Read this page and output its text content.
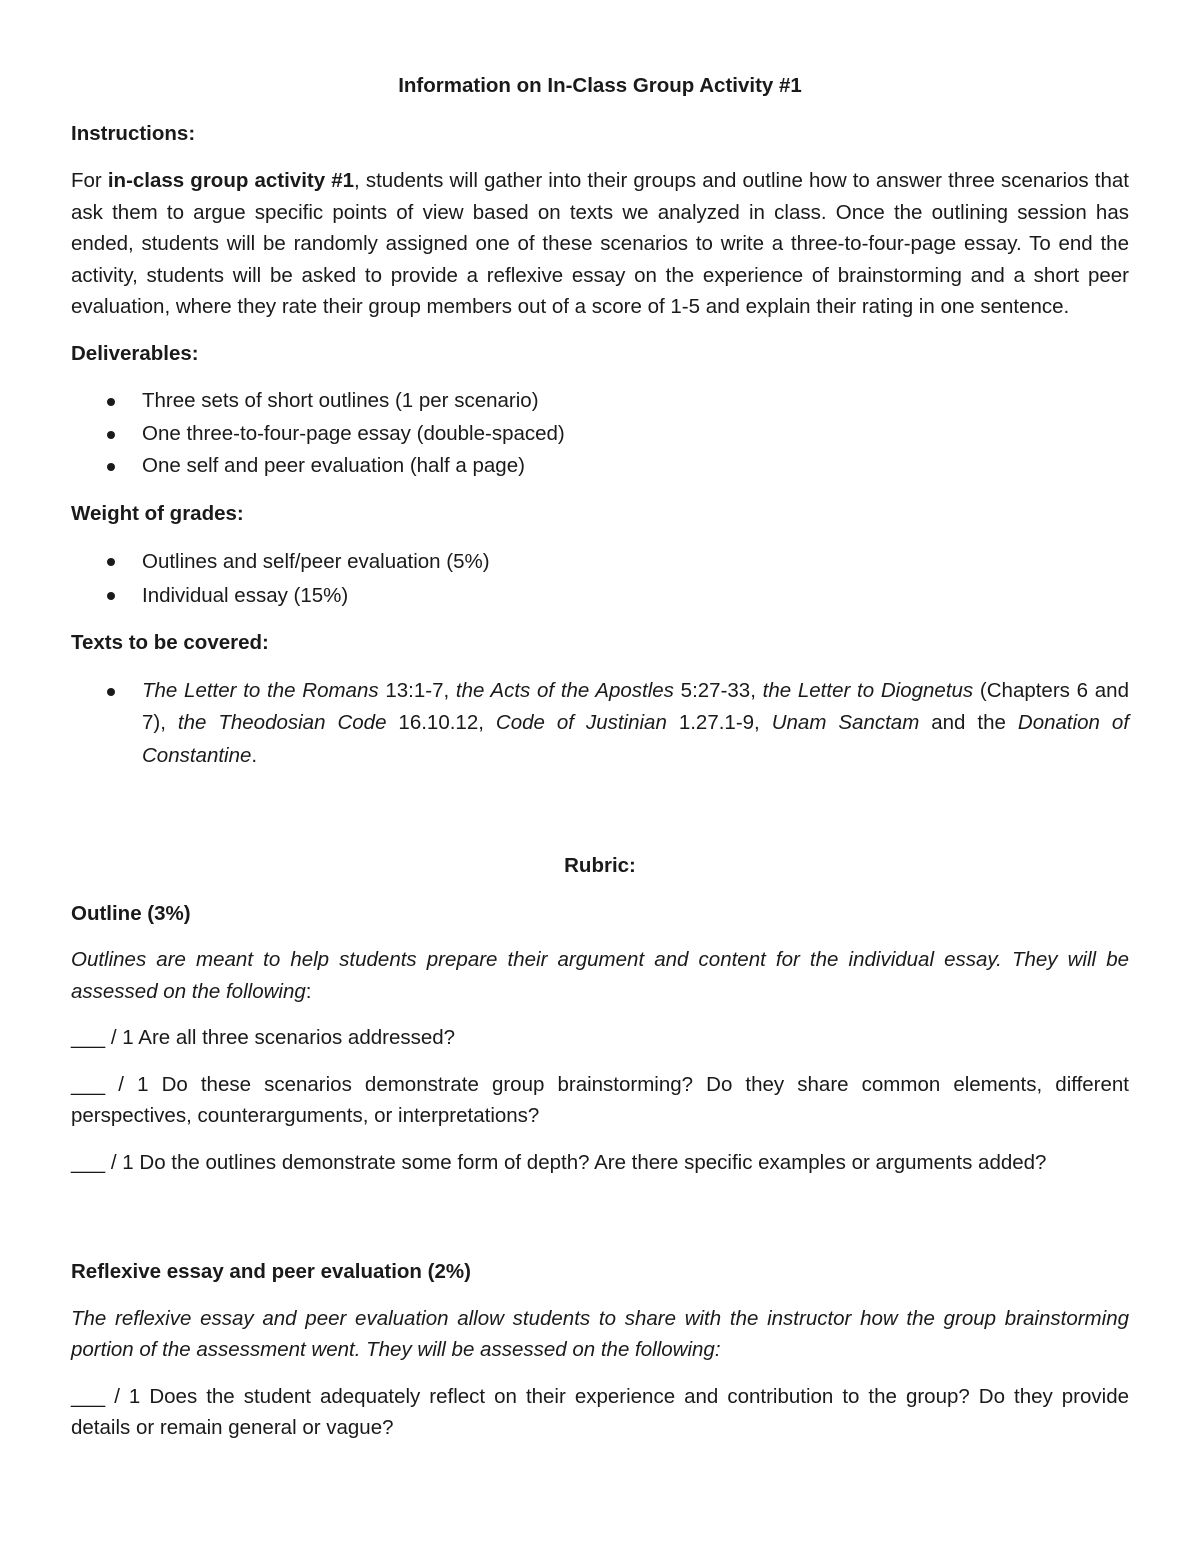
Information on In-Class Group Activity #1

Instructions:

For in-class group activity #1, students will gather into their groups and outline how to answer three scenarios that ask them to argue specific points of view based on texts we analyzed in class. Once the outlining session has ended, students will be randomly assigned one of these scenarios to write a three-to-four-page essay. To end the activity, students will be asked to provide a reflexive essay on the experience of brainstorming and a short peer evaluation, where they rate their group members out of a score of 1-5 and explain their rating in one sentence.

Deliverables:

Three sets of short outlines (1 per scenario)
One three-to-four-page essay (double-spaced)
One self and peer evaluation (half a page)

Weight of grades:

Outlines and self/peer evaluation (5%)
Individual essay (15%)

Texts to be covered:

The Letter to the Romans 13:1-7, the Acts of the Apostles 5:27-33, the Letter to Diognetus (Chapters 6 and 7), the Theodosian Code 16.10.12, Code of Justinian 1.27.1-9, Unam Sanctam and the Donation of Constantine.

Rubric:

Outline (3%)

Outlines are meant to help students prepare their argument and content for the individual essay. They will be assessed on the following:

___ / 1 Are all three scenarios addressed?

___ / 1 Do these scenarios demonstrate group brainstorming? Do they share common elements, different perspectives, counterarguments, or interpretations?

___ / 1 Do the outlines demonstrate some form of depth? Are there specific examples or arguments added?

Reflexive essay and peer evaluation (2%)

The reflexive essay and peer evaluation allow students to share with the instructor how the group brainstorming portion of the assessment went. They will be assessed on the following:

___ / 1 Does the student adequately reflect on their experience and contribution to the group? Do they provide details or remain general or vague?
